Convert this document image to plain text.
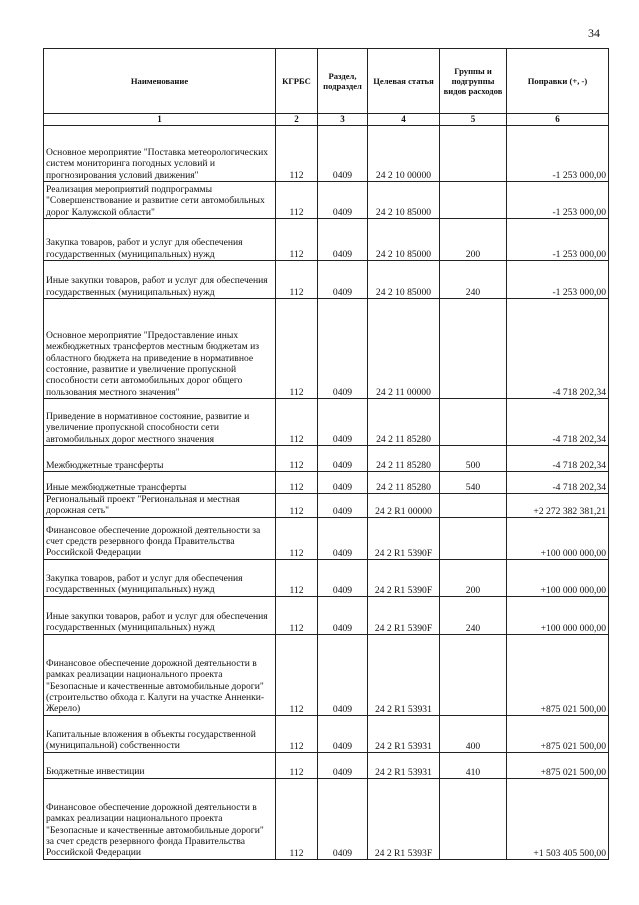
34
Наименование	КГРБС	Раздел, подраздел	Целевая статья	Группы и подгруппы видов расходов	Поправки (+, -)
1	2	3	4	5	6
Основное мероприятие "Поставка метеорологических систем мониторинга погодных условий и прогнозирования условий движения"	112	0409	24 2 10 00000		-1 253 000,00
Реализация мероприятий подпрограммы "Совершенствование и развитие сети автомобильных дорог Калужской области"	112	0409	24 2 10 85000		-1 253 000,00
Закупка товаров, работ и услуг для обеспечения государственных (муниципальных) нужд	112	0409	24 2 10 85000	200	-1 253 000,00
Иные закупки товаров, работ и услуг для обеспечения государственных (муниципальных) нужд	112	0409	24 2 10 85000	240	-1 253 000,00
Основное мероприятие "Предоставление иных межбюджетных трансфертов местным бюджетам из областного бюджета на приведение в нормативное состояние, развитие и увеличение пропускной способности сети автомобильных дорог общего пользования местного значения"	112	0409	24 2 11 00000		-4 718 202,34
Приведение в нормативное состояние, развитие и увеличение пропускной способности сети автомобильных дорог местного значения	112	0409	24 2 11 85280		-4 718 202,34
Межбюджетные трансферты	112	0409	24 2 11 85280	500	-4 718 202,34
Иные межбюджетные трансферты	112	0409	24 2 11 85280	540	-4 718 202,34
Региональный проект "Региональная и местная дорожная сеть"	112	0409	24 2 R1 00000		+2 272 382 381,21
Финансовое обеспечение дорожной деятельности за счет средств резервного фонда Правительства Российской Федерации	112	0409	24 2 R1 5390F		+100 000 000,00
Закупка товаров, работ и услуг для обеспечения государственных (муниципальных) нужд	112	0409	24 2 R1 5390F	200	+100 000 000,00
Иные закупки товаров, работ и услуг для обеспечения государственных (муниципальных) нужд	112	0409	24 2 R1 5390F	240	+100 000 000,00
Финансовое обеспечение дорожной деятельности в рамках реализации национального проекта "Безопасные и качественные автомобильные дороги" (строительство обхода г. Калуги на участке Анненки-Жерело)	112	0409	24 2 R1 53931		+875 021 500,00
Капитальные вложения в объекты государственной (муниципальной) собственности	112	0409	24 2 R1 53931	400	+875 021 500,00
Бюджетные инвестиции	112	0409	24 2 R1 53931	410	+875 021 500,00
Финансовое обеспечение дорожной деятельности в рамках реализации национального проекта "Безопасные и качественные автомобильные дороги" за счет средств резервного фонда Правительства Российской Федерации	112	0409	24 2 R1 5393F		+1 503 405 500,00
